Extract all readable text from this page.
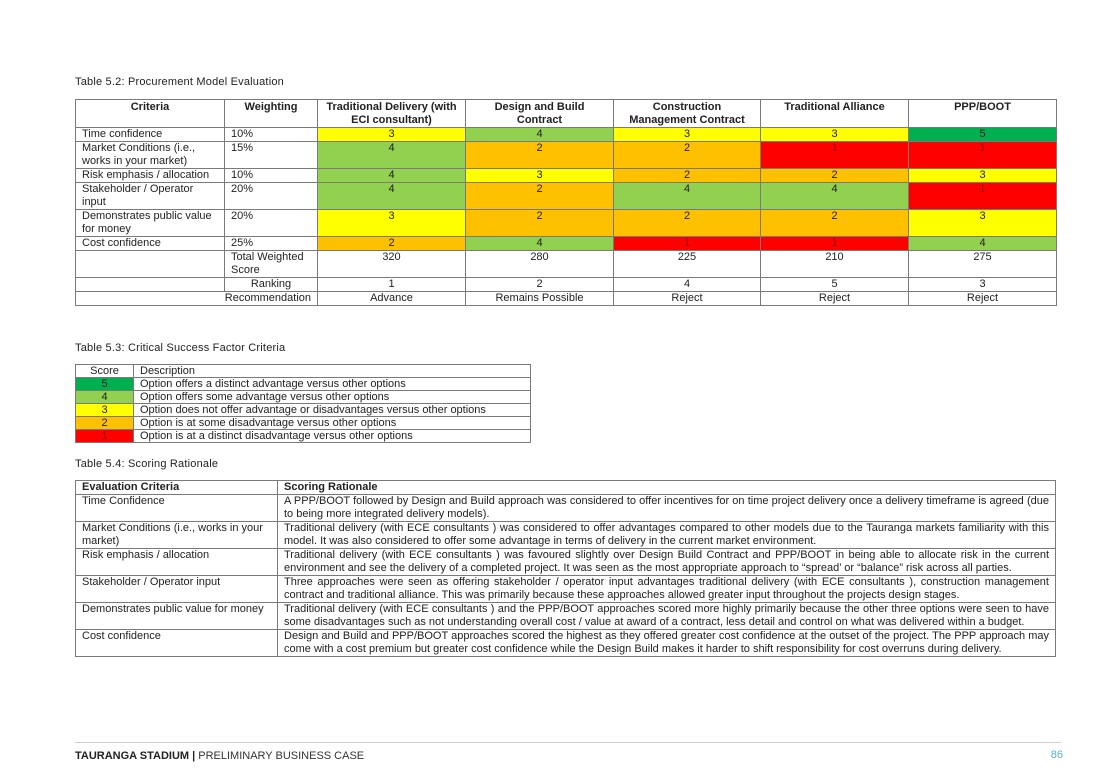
Table 5.2: Procurement Model Evaluation
Criteria	Weighting	Traditional Delivery (with ECI consultant)	Design and Build Contract	Construction Management Contract	Traditional Alliance	PPP/BOOT
Time confidence	10%	3	4	3	3	5
Market Conditions (i.e., works in your market)	15%	4	2	2	1	1
Risk emphasis / allocation	10%	4	3	2	2	3
Stakeholder / Operator input	20%	4	2	4	4	1
Demonstrates public value for money	20%	3	2	2	2	3
Cost confidence	25%	2	4	1	1	4
	Total Weighted Score	320	280	225	210	275
	Ranking	1	2	4	5	3
Recommendation		Advance	Remains Possible	Reject	Reject	Reject
Table 5.3: Critical Success Factor Criteria
Score	Description
5	Option offers a distinct advantage versus other options
4	Option offers some advantage versus other options
3	Option does not offer advantage or disadvantages versus other options
2	Option is at some disadvantage versus other options
1	Option is at a distinct disadvantage versus other options
Table 5.4: Scoring Rationale
Evaluation Criteria	Scoring Rationale
Time Confidence	A PPP/BOOT followed by Design and Build approach was considered to offer incentives for on time project delivery once a delivery timeframe is agreed (due to being more integrated delivery models).
Market Conditions (i.e., works in your market)	Traditional delivery (with ECE consultants ) was considered to offer advantages compared to other models due to the Tauranga markets familiarity with this model. It was also considered to offer some advantage in terms of delivery in the current market environment.
Risk emphasis / allocation	Traditional delivery (with ECE consultants ) was favoured slightly over Design Build Contract and PPP/BOOT in being able to allocate risk in the current environment and see the delivery of a completed project. It was seen as the most appropriate approach to “spread’ or “balance” risk across all parties.
Stakeholder / Operator input	Three approaches were seen as offering stakeholder / operator input advantages traditional delivery (with ECE consultants ), construction management contract and traditional alliance. This was primarily because these approaches allowed greater input throughout the projects design stages.
Demonstrates public value for money	Traditional delivery (with ECE consultants ) and the PPP/BOOT approaches scored more highly primarily because the other three options were seen to have some disadvantages such as not understanding overall cost / value at award of a contract, less detail and control on what was delivered within a budget.
Cost confidence	Design and Build and PPP/BOOT approaches scored the highest as they offered greater cost confidence at the outset of the project. The PPP approach may come with a cost premium but greater cost confidence while the Design Build makes it harder to shift responsibility for cost overruns during delivery.
TAURANGA STADIUM | PRELIMINARY BUSINESS CASE	86
